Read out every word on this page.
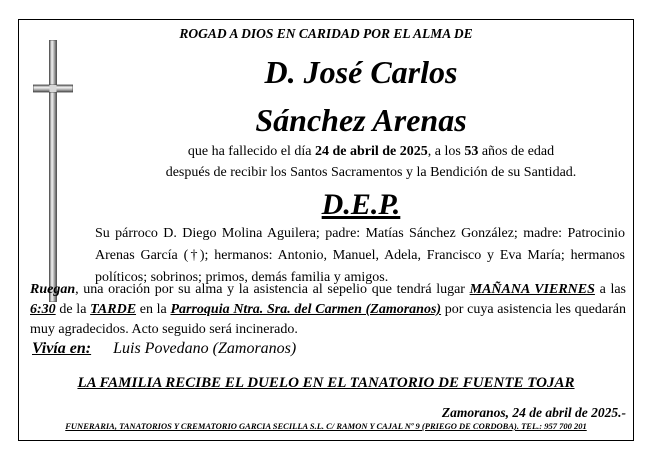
ROGAD A DIOS EN CARIDAD POR EL ALMA DE
D. José Carlos
Sánchez Arenas
que ha fallecido el día 24 de abril de 2025, a los 53 años de edad
después de recibir los Santos Sacramentos y la Bendición de su Santidad.
D.E.P.
Su párroco D. Diego Molina Aguilera; padre: Matías Sánchez González; madre: Patrocinio Arenas García (†); hermanos: Antonio, Manuel, Adela, Francisco y Eva María; hermanos políticos; sobrinos; primos, demás familia y amigos.
Ruegan, una oración por su alma y la asistencia al sepelio que tendrá lugar MAÑANA VIERNES a las 6:30 de la TARDE en la Parroquia Ntra. Sra. del Carmen (Zamoranos) por cuya asistencia les quedarán muy agradecidos. Acto seguido será incinerado.
Vivía en: Luis Povedano (Zamoranos)
LA FAMILIA RECIBE EL DUELO EN EL TANATORIO DE FUENTE TOJAR
Zamoranos, 24 de abril de 2025.-
FUNERARIA, TANATORIOS Y CREMATORIO GARCIA SECILLA S.L. C/ RAMON Y CAJAL Nº 9 (PRIEGO DE CORDOBA). TEL.: 957 700 201
